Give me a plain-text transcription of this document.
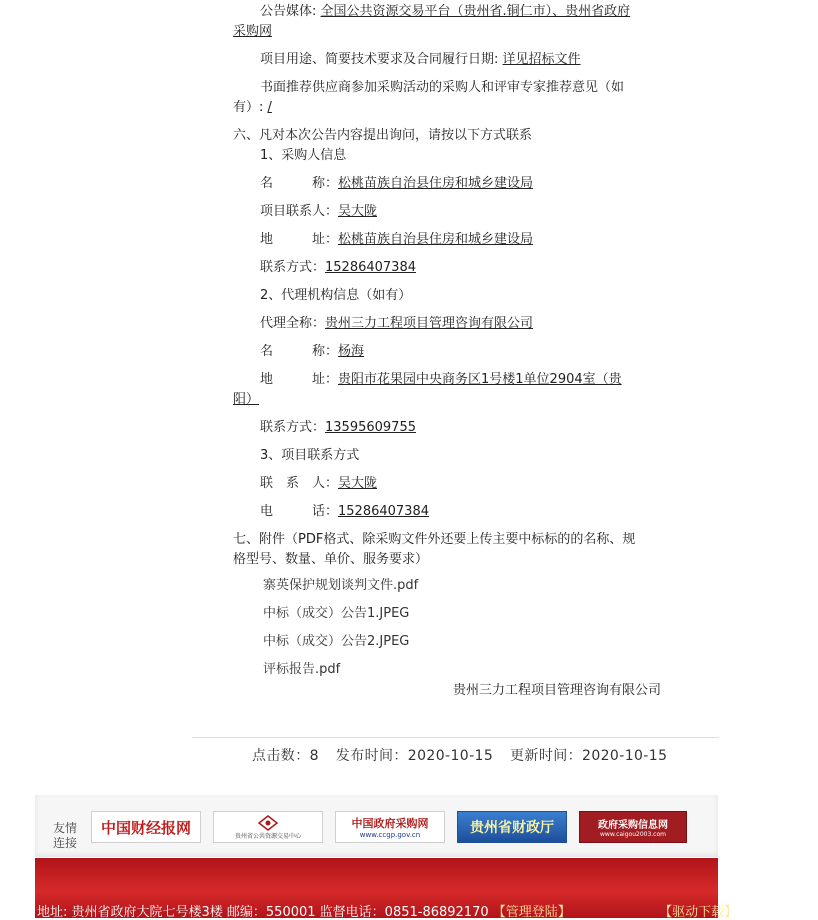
公告媒体: 全国公共资源交易平台（贵州省.铜仁市）、贵州省政府
采购网
项目用途、简要技术要求及合同履行日期: 详见招标文件
书面推荐供应商参加采购活动的采购人和评审专家推荐意见（如
有）: /
六、凡对本次公告内容提出询问，请按以下方式联系
1、采购人信息
名　　　称：松桃苗族自治县住房和城乡建设局
项目联系人：吴大陇
地　　　址：松桃苗族自治县住房和城乡建设局
联系方式：15286407384
2、代理机构信息（如有）
代理全称：贵州三力工程项目管理咨询有限公司
名　　　称：杨海
地　　　址：贵阳市花果园中央商务区1号楼1单位2904室（贵
阳）
联系方式：13595609755
3、项目联系方式
联　系　人：吴大陇
电　　　话：15286407384
七、附件（PDF格式、除采购文件外还要上传主要中标标的的名称、规
格型号、数量、单价、服务要求）
寨英保护规划谈判文件.pdf
中标（成交）公告1.JPEG
中标（成交）公告2.JPEG
评标报告.pdf
贵州三力工程项目管理咨询有限公司
点击数：8 发布时间：2020-10-15 更新时间：2020-10-15
友情连接
中国财经报网	贵州省公共资源交易中心
中国政府采购网
www.ccgp.gov.cn	贵州省财政厅	政府采购信息网
www.caigou2003.com
地址: 贵州省政府大院七号楼3楼 邮编：550001 监督电话：0851-86892170 【管理登陆】	【驱动下载】
